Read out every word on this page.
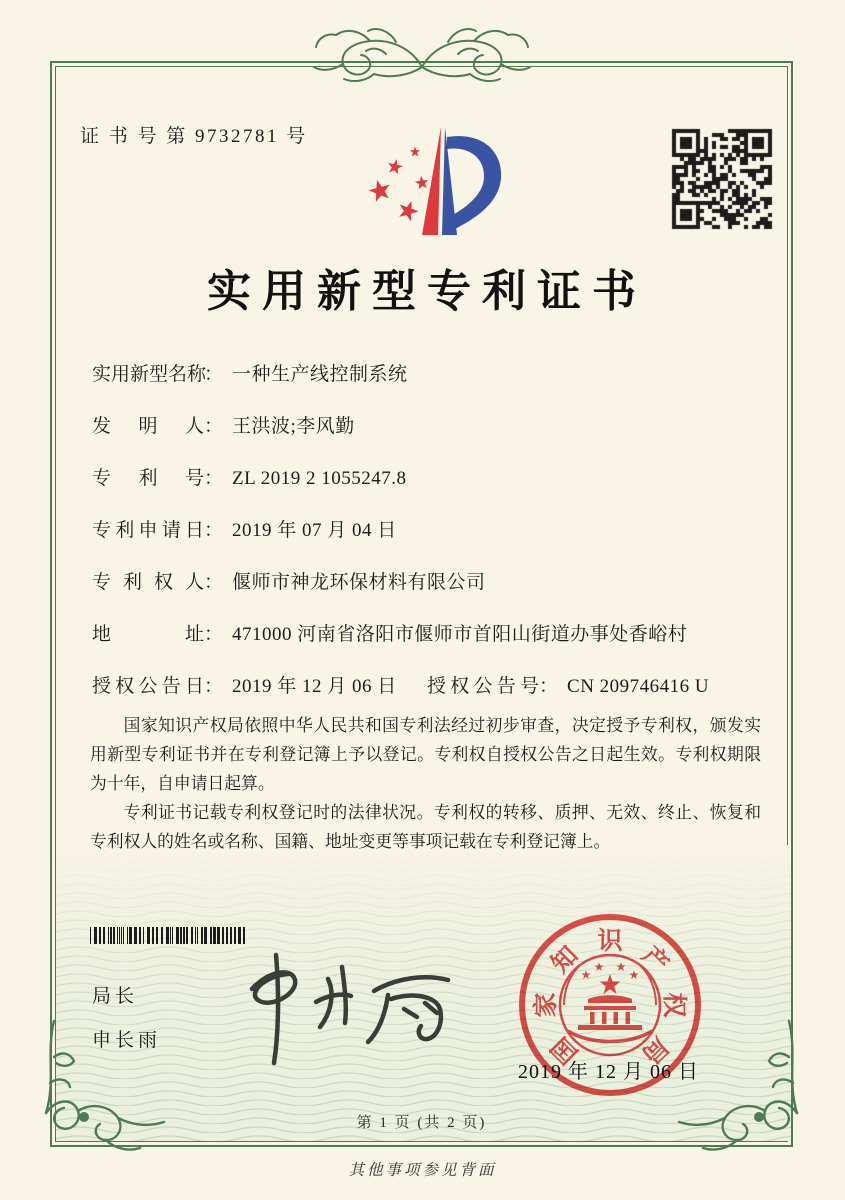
证 书 号 第 9732781 号
实用新型专利证书
实用新型名称： 一种生产线控制系统
发明人： 王洪波;李风勤
专利号： ZL 2019 2 1055247.8
专利申请日： 2019 年 07 月 04 日
专利权人： 偃师市神龙环保材料有限公司
地址： 471000 河南省洛阳市偃师市首阳山街道办事处香峪村
授权公告日： 2019 年 12 月 06 日 授权公告号： CN 209746416 U

国家知识产权局依照中华人民共和国专利法经过初步审查，决定授予专利权，颁发实用新型专利证书并在专利登记簿上予以登记。专利权自授权公告之日起生效。专利权期限为十年，自申请日起算。

专利证书记载专利权登记时的法律状况。专利权的转移、质押、无效、终止、恢复和专利权人的姓名或名称、国籍、地址变更等事项记载在专利登记簿上。

局长
申长雨	国
家
知
识
产
权
局
2019 年 12 月 06 日
第 1 页 (共 2 页)
其他事项参见背面
